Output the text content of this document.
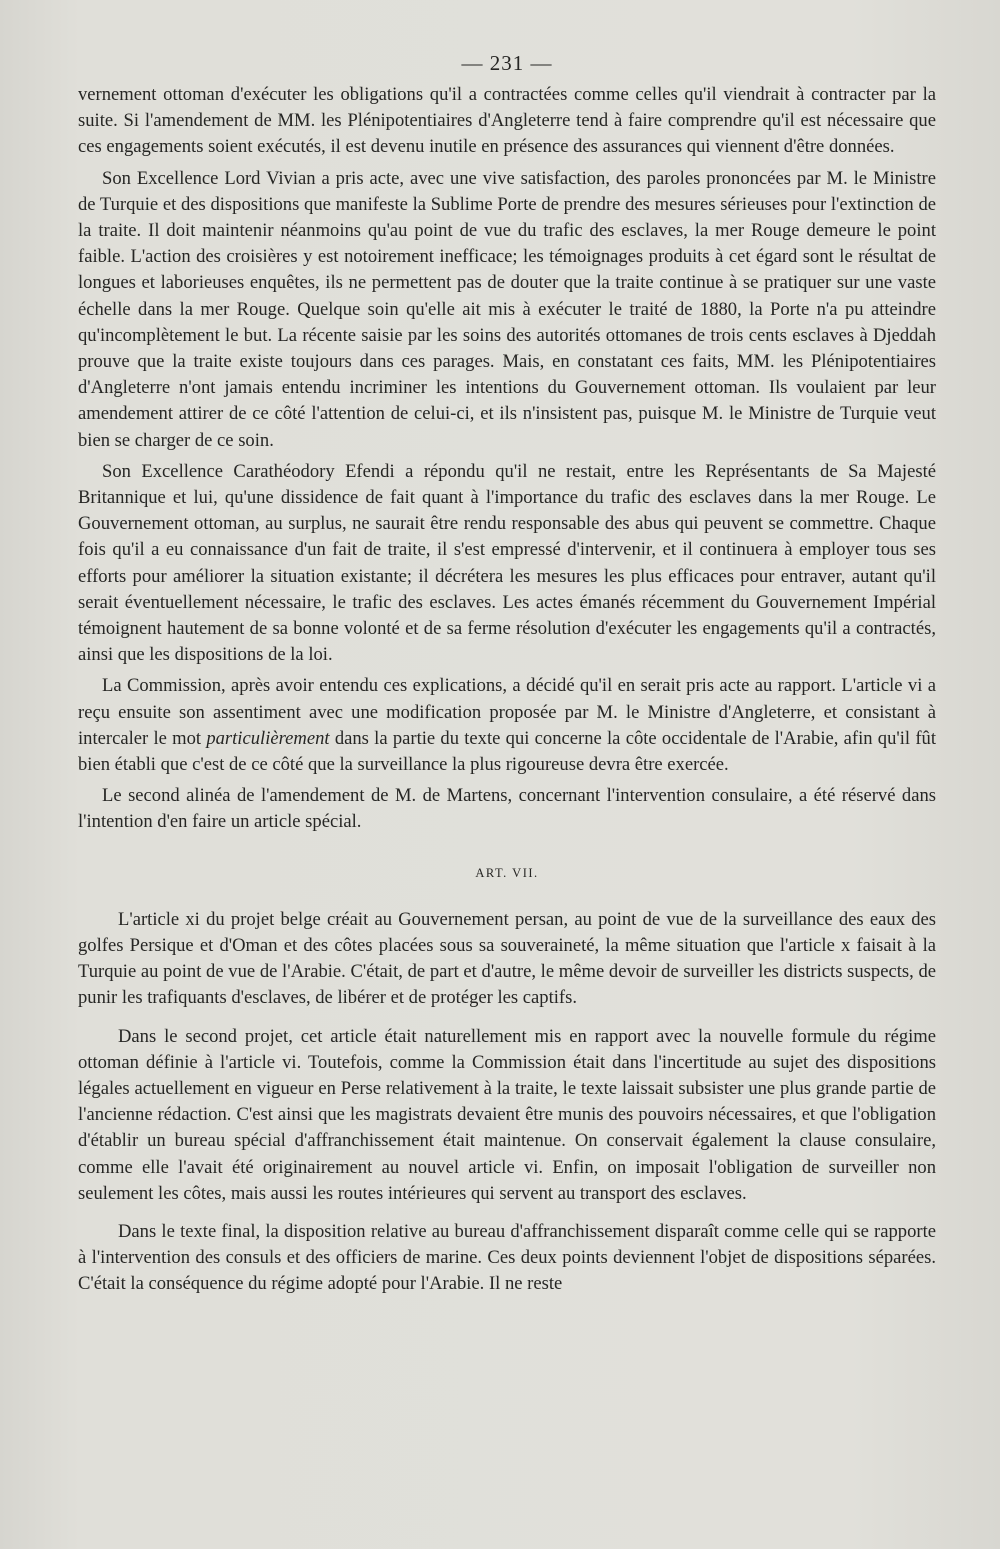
— 231 —

vernement ottoman d'exécuter les obligations qu'il a contractées comme celles qu'il viendrait à contracter par la suite. Si l'amendement de MM. les Plénipotentiaires d'Angleterre tend à faire comprendre qu'il est nécessaire que ces engagements soient exécutés, il est devenu inutile en présence des assurances qui viennent d'être données.

Son Excellence Lord Vivian a pris acte, avec une vive satisfaction, des paroles prononcées par M. le Ministre de Turquie et des dispositions que manifeste la Sublime Porte de prendre des mesures sérieuses pour l'extinction de la traite. Il doit maintenir néanmoins qu'au point de vue du trafic des esclaves, la mer Rouge demeure le point faible. L'action des croisières y est notoirement inefficace; les témoignages produits à cet égard sont le résultat de longues et laborieuses enquêtes, ils ne permettent pas de douter que la traite continue à se pratiquer sur une vaste échelle dans la mer Rouge. Quelque soin qu'elle ait mis à exécuter le traité de 1880, la Porte n'a pu atteindre qu'incomplètement le but. La récente saisie par les soins des autorités ottomanes de trois cents esclaves à Djeddah prouve que la traite existe toujours dans ces parages. Mais, en constatant ces faits, MM. les Plénipotentiaires d'Angleterre n'ont jamais entendu incriminer les intentions du Gouvernement ottoman. Ils voulaient par leur amendement attirer de ce côté l'attention de celui-ci, et ils n'insistent pas, puisque M. le Ministre de Turquie veut bien se charger de ce soin.

Son Excellence Carathéodory Efendi a répondu qu'il ne restait, entre les Représentants de Sa Majesté Britannique et lui, qu'une dissidence de fait quant à l'importance du trafic des esclaves dans la mer Rouge. Le Gouvernement ottoman, au surplus, ne saurait être rendu responsable des abus qui peuvent se commettre. Chaque fois qu'il a eu connaissance d'un fait de traite, il s'est empressé d'intervenir, et il continuera à employer tous ses efforts pour améliorer la situation existante; il décrétera les mesures les plus efficaces pour entraver, autant qu'il serait éventuellement nécessaire, le trafic des esclaves. Les actes émanés récemment du Gouvernement Impérial témoignent hautement de sa bonne volonté et de sa ferme résolution d'exécuter les engagements qu'il a contractés, ainsi que les dispositions de la loi.

La Commission, après avoir entendu ces explications, a décidé qu'il en serait pris acte au rapport. L'article vi a reçu ensuite son assentiment avec une modification proposée par M. le Ministre d'Angleterre, et consistant à intercaler le mot particulièrement dans la partie du texte qui concerne la côte occidentale de l'Arabie, afin qu'il fût bien établi que c'est de ce côté que la surveillance la plus rigoureuse devra être exercée.

Le second alinéa de l'amendement de M. de Martens, concernant l'intervention consulaire, a été réservé dans l'intention d'en faire un article spécial.

ART. VII.

L'article xi du projet belge créait au Gouvernement persan, au point de vue de la surveillance des eaux des golfes Persique et d'Oman et des côtes placées sous sa souveraineté, la même situation que l'article x faisait à la Turquie au point de vue de l'Arabie. C'était, de part et d'autre, le même devoir de surveiller les districts suspects, de punir les trafiquants d'esclaves, de libérer et de protéger les captifs.

Dans le second projet, cet article était naturellement mis en rapport avec la nouvelle formule du régime ottoman définie à l'article vi. Toutefois, comme la Commission était dans l'incertitude au sujet des dispositions légales actuellement en vigueur en Perse relativement à la traite, le texte laissait subsister une plus grande partie de l'ancienne rédaction. C'est ainsi que les magistrats devaient être munis des pouvoirs nécessaires, et que l'obligation d'établir un bureau spécial d'affranchissement était maintenue. On conservait également la clause consulaire, comme elle l'avait été originairement au nouvel article vi. Enfin, on imposait l'obligation de surveiller non seulement les côtes, mais aussi les routes intérieures qui servent au transport des esclaves.

Dans le texte final, la disposition relative au bureau d'affranchissement disparaît comme celle qui se rapporte à l'intervention des consuls et des officiers de marine. Ces deux points deviennent l'objet de dispositions séparées. C'était la conséquence du régime adopté pour l'Arabie. Il ne reste
